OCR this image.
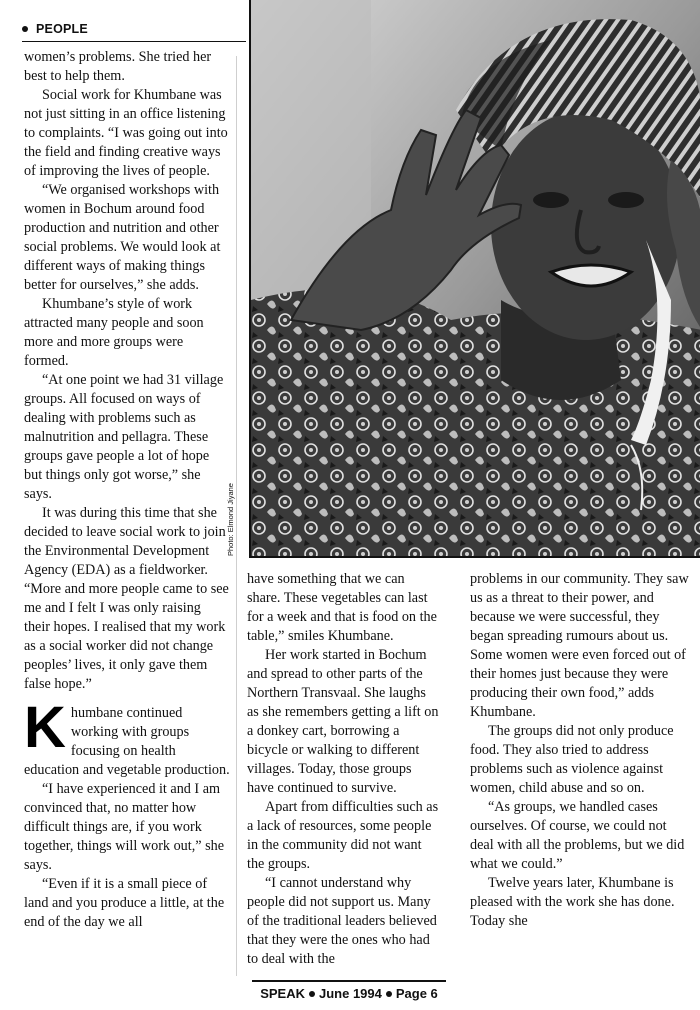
PEOPLE

women’s problems. She tried her best to help them.

Social work for Khumbane was not just sitting in an office listening to complaints. “I was going out into the field and finding creative ways of improving the lives of people.

“We organised workshops with women in Bochum around food production and nutrition and other social problems. We would look at different ways of making things better for ourselves,” she adds.

Khumbane’s style of work attracted many people and soon more and more groups were formed.

“At one point we had 31 village groups. All focused on ways of dealing with problems such as malnutrition and pellagra. These groups gave people a lot of hope but things only got worse,” she says.

It was during this time that she decided to leave social work to join the Environmental Development Agency (EDA) as a fieldworker. “More and more people came to see me and I felt I was only raising their hopes. I realised that my work as a social worker did not change peoples’ lives, it only gave them false hope.”

Khumbane continued working with groups focusing on health education and vegetable production.

“I have experienced it and I am convinced that, no matter how difficult things are, if you work together, things will work out,” she says.

“Even if it is a small piece of land and you produce a little, at the end of the day we all

Photo: Elmond Jiyane

have something that we can share. These vegetables can last for a week and that is food on the table,” smiles Khumbane.

Her work started in Bochum and spread to other parts of the Northern Transvaal. She laughs as she remembers getting a lift on a donkey cart, borrowing a bicycle or walking to different villages. Today, those groups have continued to survive.

Apart from difficulties such as a lack of resources, some people in the community did not want the groups.

“I cannot understand why people did not support us. Many of the traditional leaders believed that they were the ones who had to deal with the

problems in our community. They saw us as a threat to their power, and because we were successful, they began spreading rumours about us. Some women were even forced out of their homes just because they were producing their own food,” adds Khumbane.

The groups did not only produce food. They also tried to address problems such as violence against women, child abuse and so on.

“As groups, we handled cases ourselves. Of course, we could not deal with all the problems, but we did what we could.”

Twelve years later, Khumbane is pleased with the work she has done. Today she

SPEAK June 1994 Page 6
